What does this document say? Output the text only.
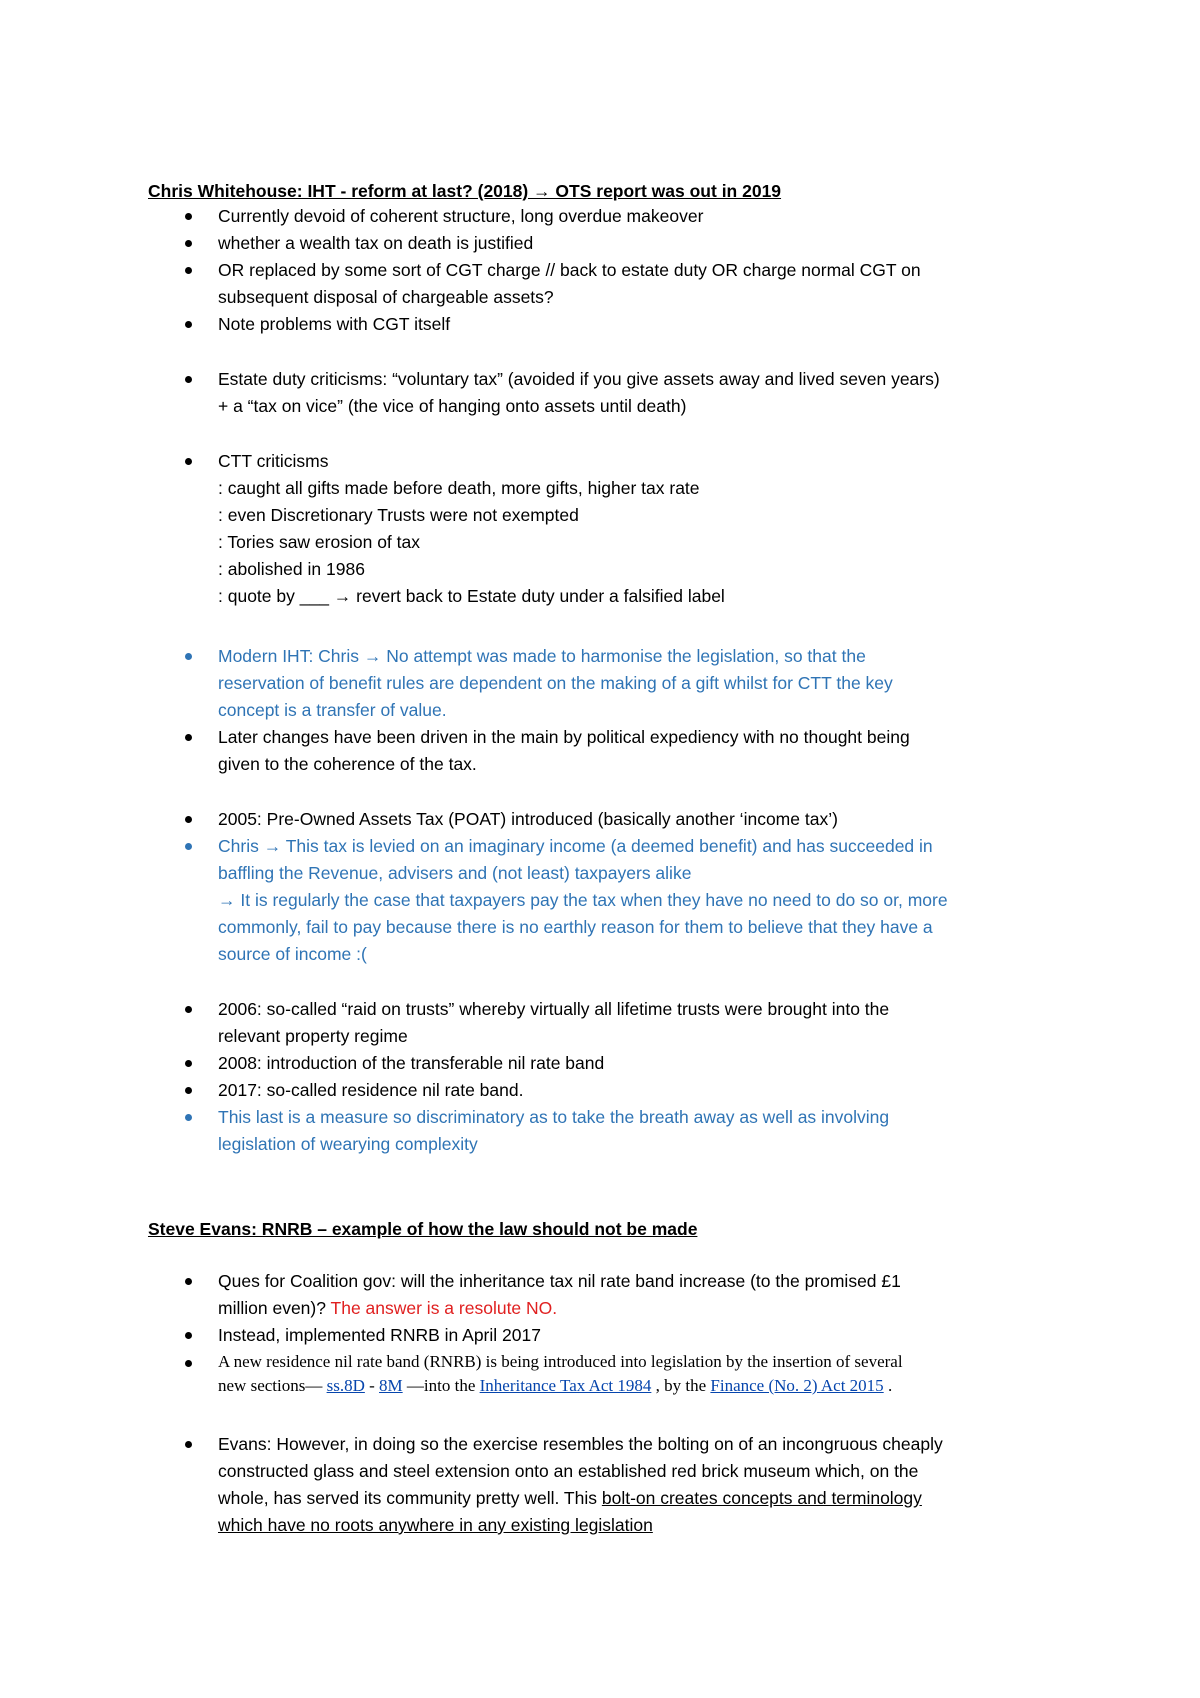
Chris Whitehouse: IHT - reform at last? (2018) → OTS report was out in 2019
Currently devoid of coherent structure, long overdue makeover
whether a wealth tax on death is justified
OR replaced by some sort of CGT charge // back to estate duty OR charge normal CGT on
subsequent disposal of chargeable assets?
Note problems with CGT itself
Estate duty criticisms: “voluntary tax” (avoided if you give assets away and lived seven years)
+ a “tax on vice” (the vice of hanging onto assets until death)
CTT criticisms
: caught all gifts made before death, more gifts, higher tax rate
: even Discretionary Trusts were not exempted
: Tories saw erosion of tax
: abolished in 1986
: quote by ___ → revert back to Estate duty under a falsified label
Modern IHT: Chris → No attempt was made to harmonise the legislation, so that the
reservation of benefit rules are dependent on the making of a gift whilst for CTT the key
concept is a transfer of value.
Later changes have been driven in the main by political expediency with no thought being
given to the coherence of the tax.
2005: Pre-Owned Assets Tax (POAT) introduced (basically another ‘income tax’)
Chris → This tax is levied on an imaginary income (a deemed benefit) and has succeeded in
baffling the Revenue, advisers and (not least) taxpayers alike
→ It is regularly the case that taxpayers pay the tax when they have no need to do so or, more
commonly, fail to pay because there is no earthly reason for them to believe that they have a
source of income :(
2006: so-called “raid on trusts” whereby virtually all lifetime trusts were brought into the
relevant property regime
2008: introduction of the transferable nil rate band
2017: so-called residence nil rate band.
This last is a measure so discriminatory as to take the breath away as well as involving
legislation of wearying complexity
Steve Evans: RNRB – example of how the law should not be made
Ques for Coalition gov: will the inheritance tax nil rate band increase (to the promised £1
million even)? The answer is a resolute NO.
Instead, implemented RNRB in April 2017
A new residence nil rate band (RNRB) is being introduced into legislation by the insertion of several
new sections— ss.8D - 8M —into the Inheritance Tax Act 1984 , by the Finance (No. 2) Act 2015 .
Evans: However, in doing so the exercise resembles the bolting on of an incongruous cheaply
constructed glass and steel extension onto an established red brick museum which, on the
whole, has served its community pretty well. This bolt-on creates concepts and terminology
which have no roots anywhere in any existing legislation
